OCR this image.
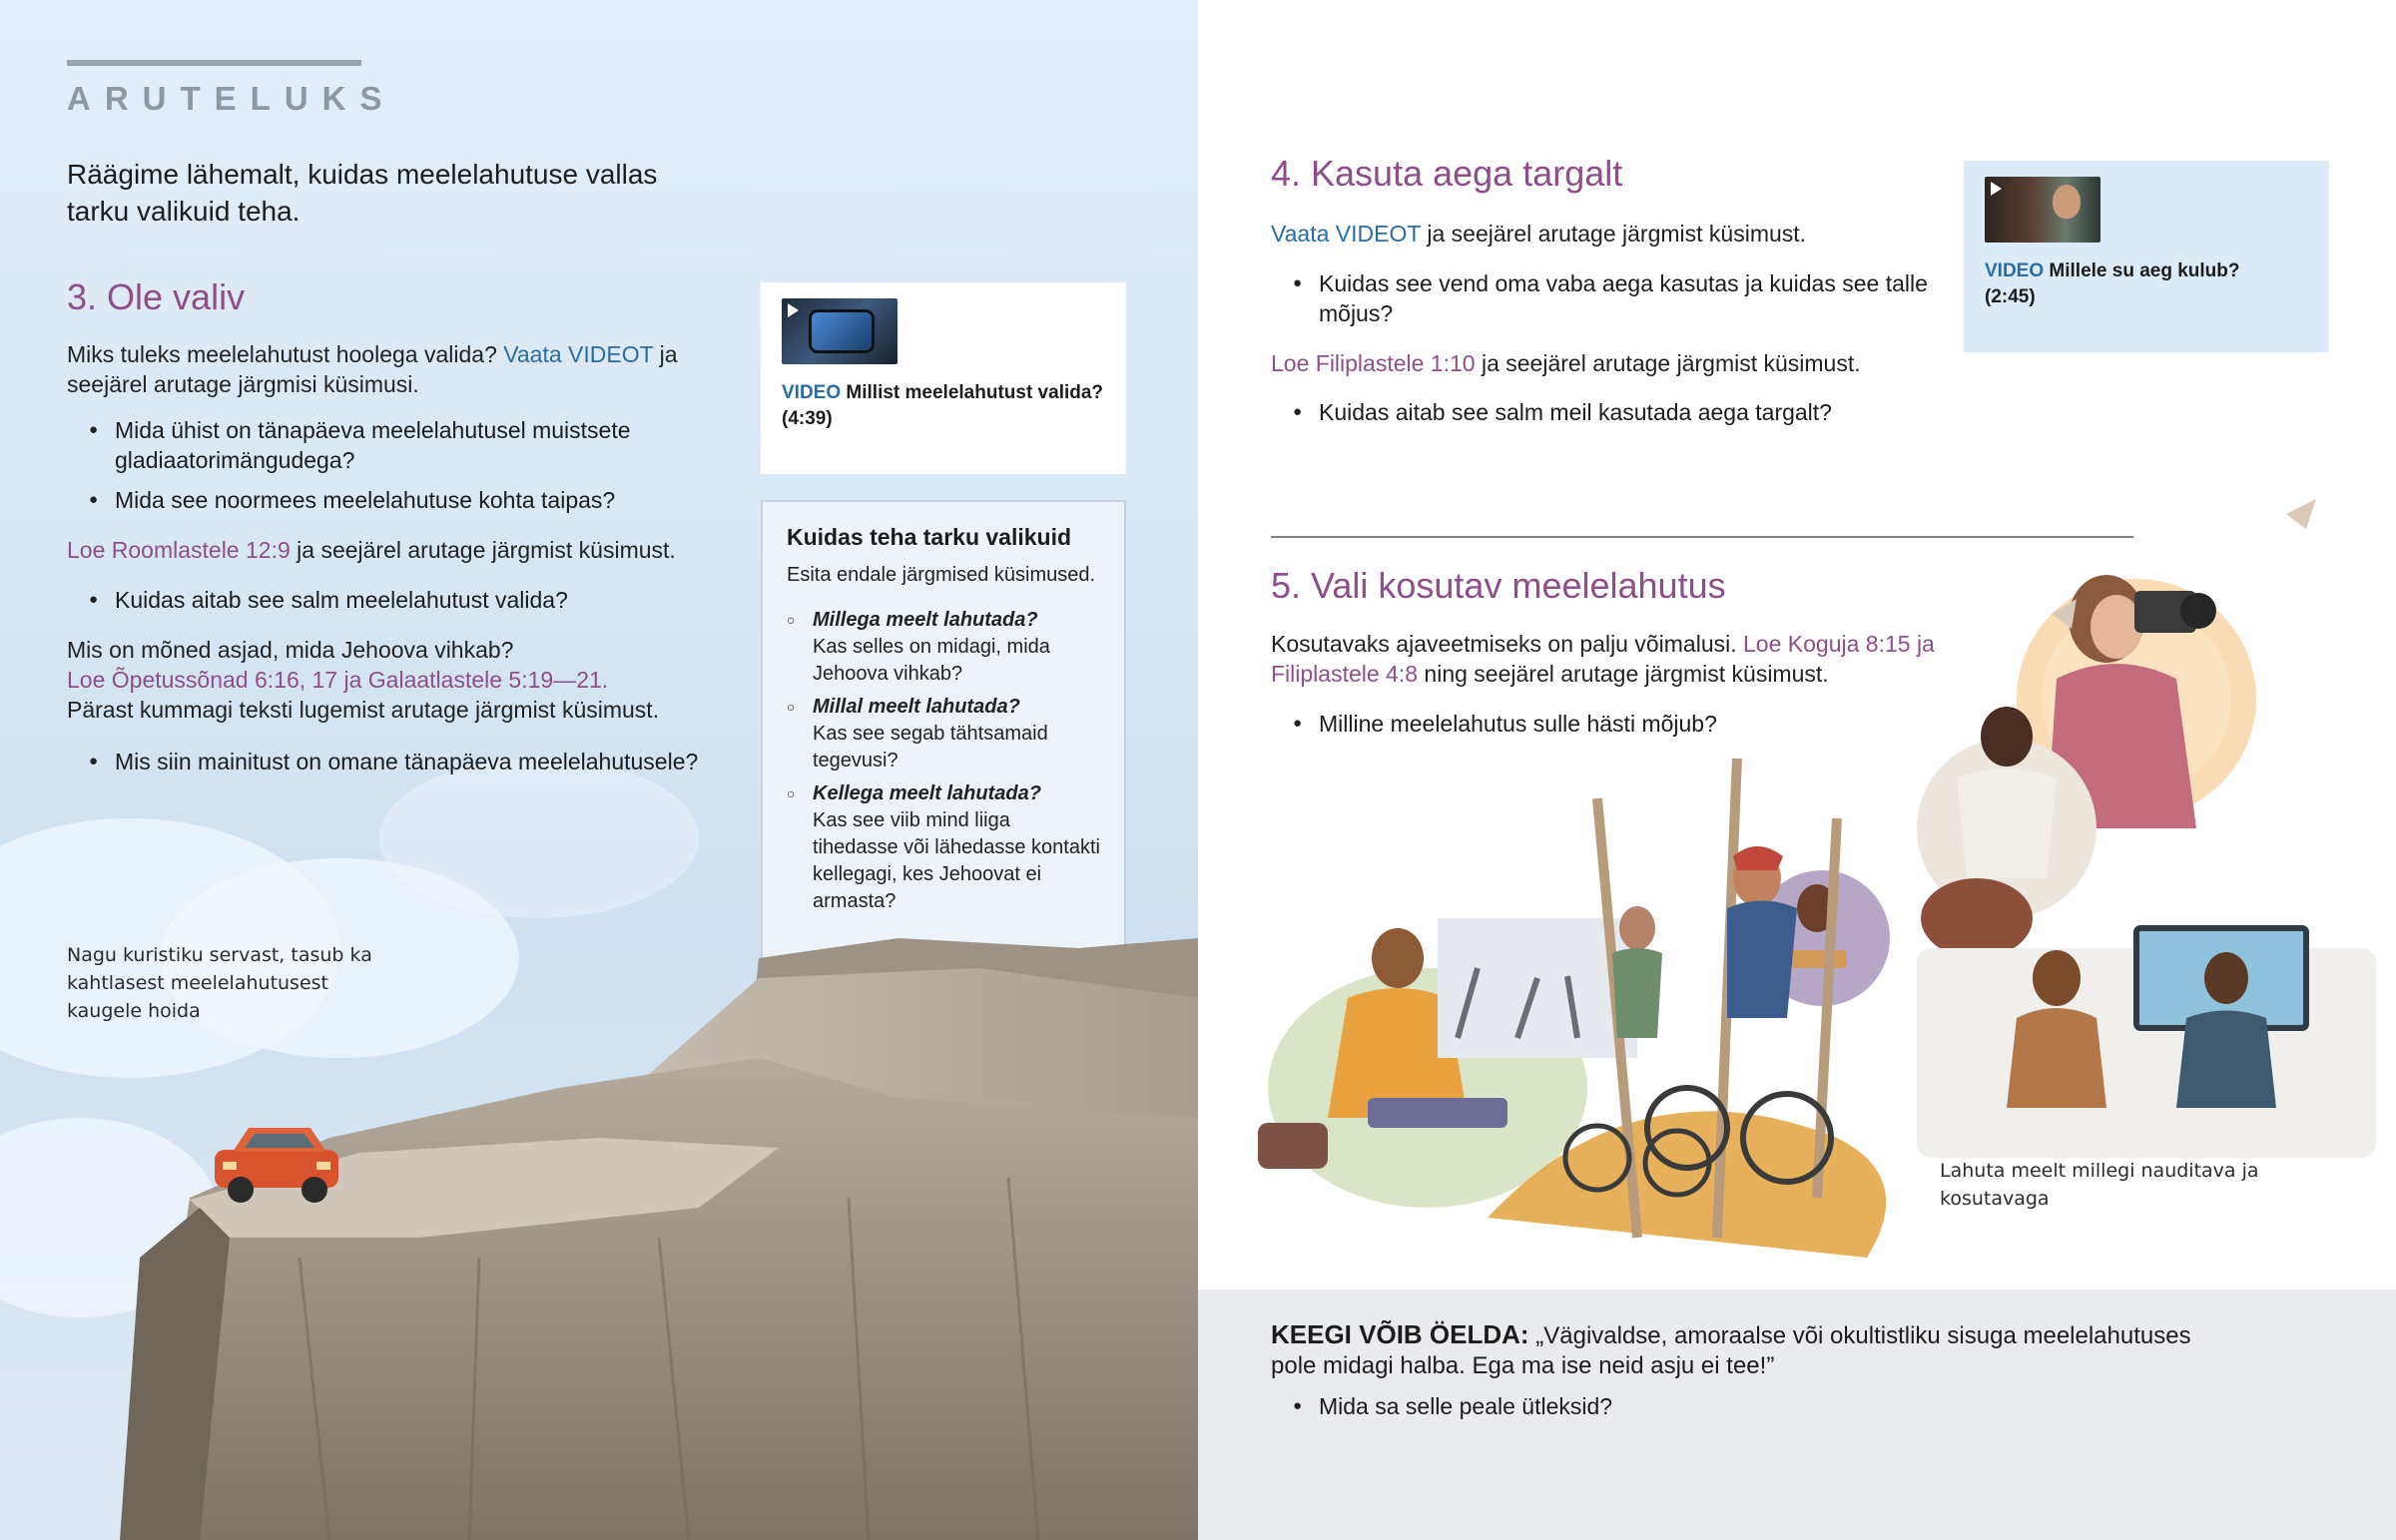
ARUTELUKS
Räägime lähemalt, kuidas meelelahutuse vallas tarku valikuid teha.
3. Ole valiv

Miks tuleks meelelahutust hoolega valida? Vaata VIDEOT ja seejärel arutage järgmisi küsimusi.

● Mida ühist on tänapäeva meelelahutusel muistsete gladiaatorimängudega?
● Mida see noormees meelelahutuse kohta taipas?

Loe Roomlastele 12:9 ja seejärel arutage järgmist küsimust.

● Kuidas aitab see salm meelelahutust valida?

Mis on mõned asjad, mida Jehoova vihkab?
Loe Õpetussõnad 6:16, 17 ja Galaatlastele 5:19—21.
Pärast kummagi teksti lugemist arutage järgmist küsimust.

● Mis siin mainitust on omane tänapäeva meelelahutusele?
VIDEO Millist meelelahutust valida?
(4:39)
Kuidas teha tarku valikuid
Esita endale järgmised küsimused.
○ Millega meelt lahutada?
Kas selles on midagi, mida Jehoova vihkab?
○ Millal meelt lahutada?
Kas see segab tähtsamaid tegevusi?
○ Kellega meelt lahutada?
Kas see viib mind liiga tihedasse või lähedasse kontakti kellegagi, kes Jehoovat ei armasta?
Nagu kuristiku servast, tasub ka kahtlasest meelelahutusest kaugele hoida
4. Kasuta aega targalt

Vaata VIDEOT ja seejärel arutage järgmist küsimust.

● Kuidas see vend oma vaba aega kasutas ja kuidas see talle mõjus?

Loe Filiplastele 1:10 ja seejärel arutage järgmist küsimust.

● Kuidas aitab see salm meil kasutada aega targalt?
VIDEO Millele su aeg kulub?
(2:45)
Lahuta meelt millegi nauditava ja kosutavaga
5. Vali kosutav meelelahutus

Kosutavaks ajaveetmiseks on palju võimalusi. Loe Koguja 8:15 ja Filiplastele 4:8 ning seejärel arutage järgmist küsimust.

● Milline meelelahutus sulle hästi mõjub?

KEEGI VÕIB ÖELDA: „Vägivaldse, amoraalse või okultistliku sisuga meelelahutuses pole midagi halba. Ega ma ise neid asju ei tee!”

● Mida sa selle peale ütleksid?
